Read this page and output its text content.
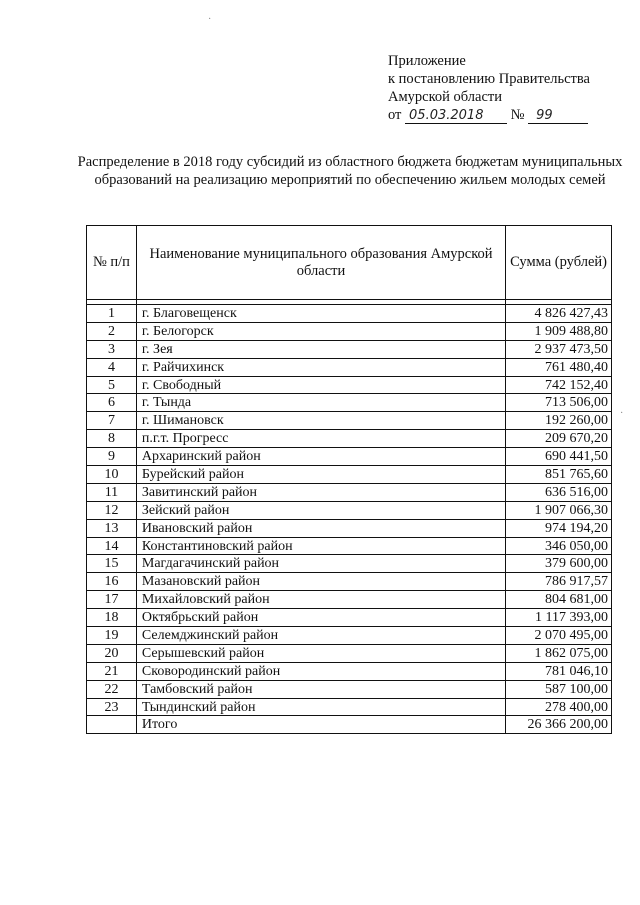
Приложение
к постановлению Правительства
Амурской области
от 05.03.2018 № 99
Распределение в 2018 году субсидий из областного бюджета бюджетам муниципальных образований на реализацию мероприятий по обеспечению жильем молодых семей
№ п/п	Наименование муниципального образования Амурской области	Сумма (рублей)

1	г. Благовещенск	4 826 427,43
2	г. Белогорск	1 909 488,80
3	г. Зея	2 937 473,50
4	г. Райчихинск	761 480,40
5	г. Свободный	742 152,40
6	г. Тында	713 506,00
7	г. Шимановск	192 260,00
8	п.г.т. Прогресс	209 670,20
9	Архаринский район	690 441,50
10	Бурейский район	851 765,60
11	Завитинский район	636 516,00
12	Зейский район	1 907 066,30
13	Ивановский район	974 194,20
14	Константиновский район	346 050,00
15	Магдагачинский район	379 600,00
16	Мазановский район	786 917,57
17	Михайловский район	804 681,00
18	Октябрьский район	1 117 393,00
19	Селемджинский район	2 070 495,00
20	Серышевский район	1 862 075,00
21	Сковородинский район	781 046,10
22	Тамбовский район	587 100,00
23	Тындинский район	278 400,00
	Итого	26 366 200,00
·
·
